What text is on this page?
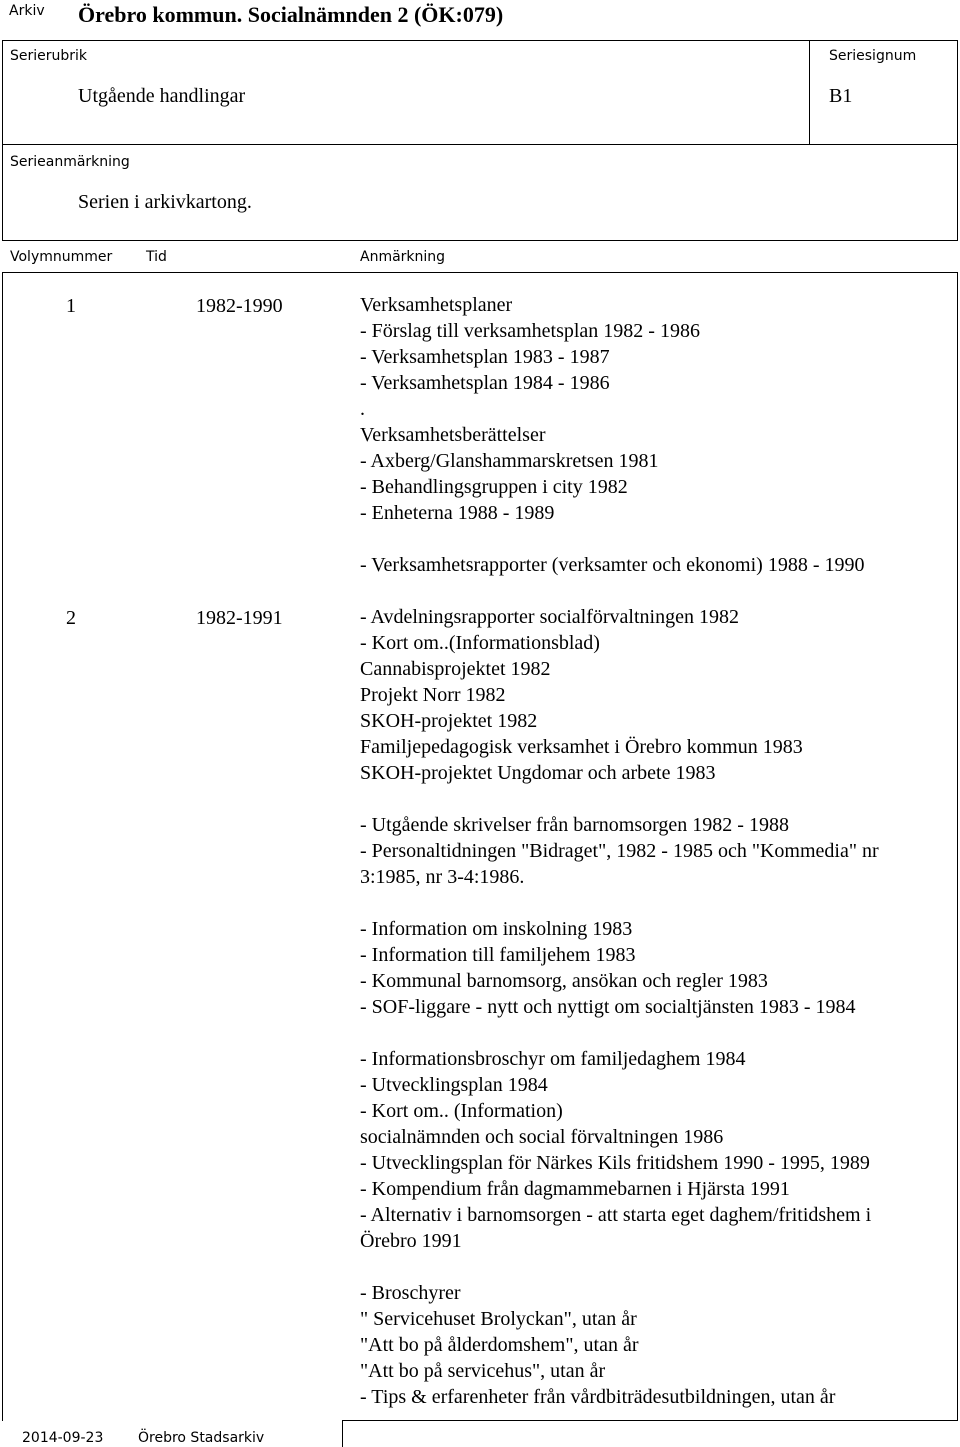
Arkiv Örebro kommun. Socialnämnden 2 (ÖK:079)
Serierubrik
Utgående handlingar
Seriesignum
B1
Serieanmärkning
Serien i arkivkartong.
Volymnummer Tid	Anmärkning
1	1982-1990	Verksamhetsplaner
- Förslag till verksamhetsplan 1982 - 1986
- Verksamhetsplan 1983 - 1987
- Verksamhetsplan 1984 - 1986
.
Verksamhetsberättelser
- Axberg/Glanshammarskretsen 1981
- Behandlingsgruppen i city 1982
- Enheterna 1988 - 1989
- Verksamhetsrapporter (verksamter och ekonomi) 1988 - 1990
2	1982-1991	- Avdelningsrapporter socialförvaltningen 1982
- Kort om..(Informationsblad)
Cannabisprojektet 1982
Projekt Norr 1982
SKOH-projektet 1982
Familjepedagogisk verksamhet i Örebro kommun 1983
SKOH-projektet Ungdomar och arbete 1983
- Utgående skrivelser från barnomsorgen 1982 - 1988
- Personaltidningen "Bidraget", 1982 - 1985 och "Kommedia" nr
3:1985, nr 3-4:1986.
- Information om inskolning 1983
- Information till familjehem 1983
- Kommunal barnomsorg, ansökan och regler 1983
- SOF-liggare - nytt och nyttigt om socialtjänsten 1983 - 1984
- Informationsbroschyr om familjedaghem 1984
- Utvecklingsplan 1984
- Kort om.. (Information)
socialnämnden och social förvaltningen 1986
- Utvecklingsplan för Närkes Kils fritidshem 1990 - 1995, 1989
- Kompendium från dagmammebarnen i Hjärsta 1991
- Alternativ i barnomsorgen - att starta eget daghem/fritidshem i
Örebro 1991
- Broschyrer
" Servicehuset Brolyckan", utan år
"Att bo på ålderdomshem", utan år
"Att bo på servicehus", utan år
- Tips & erfarenheter från vårdbiträdesutbildningen, utan år
2014-09-23 Örebro Stadsarkiv
